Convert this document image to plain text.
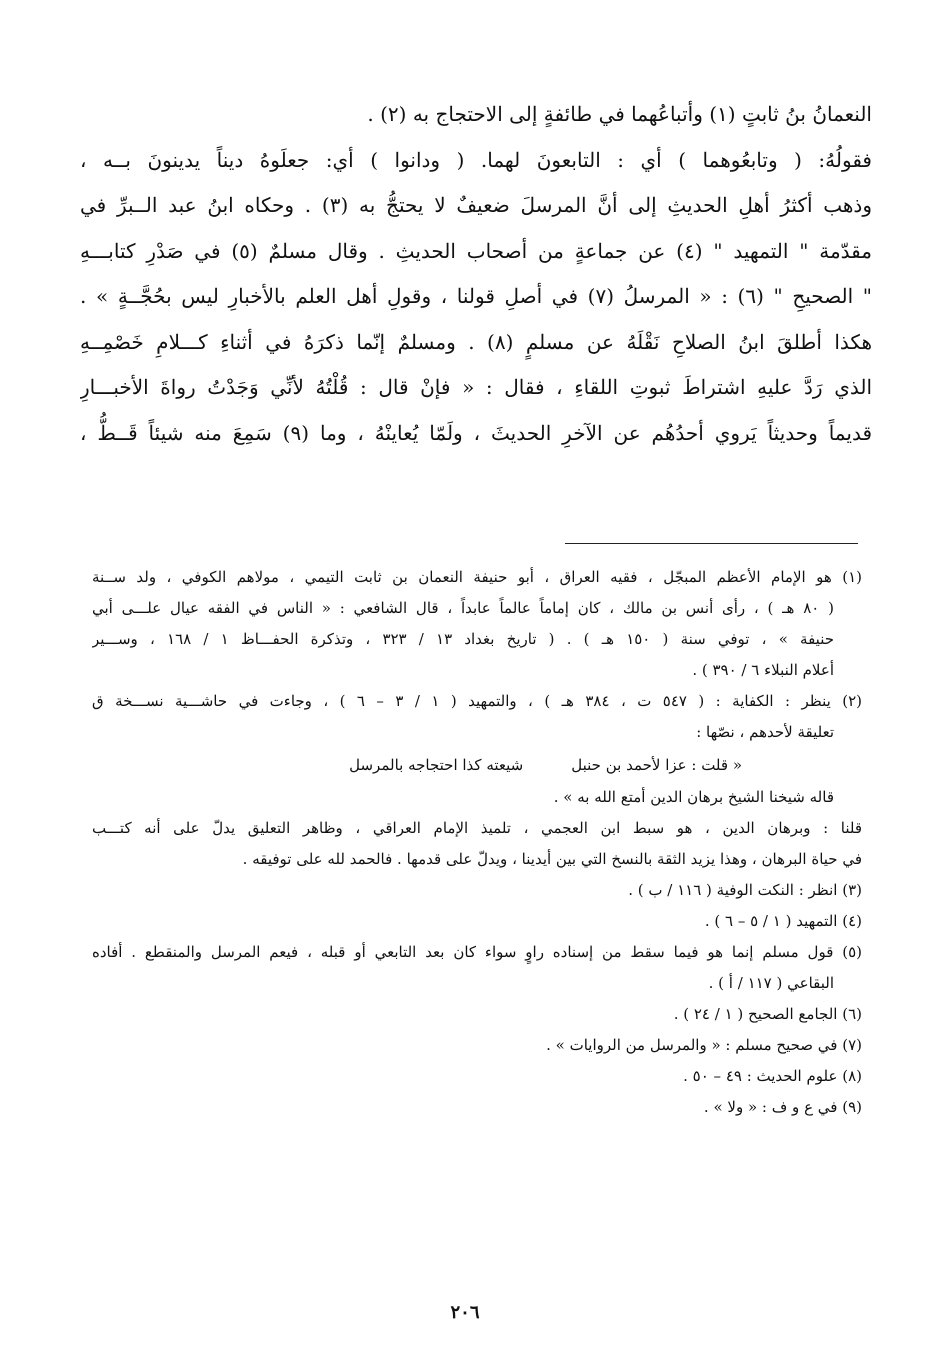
النعمانُ بنُ ثابتٍ (١) وأتباعُهما في طائفةٍ إلى الاحتجاج به (٢) .

فقولُهُ: ( وتابعُوهما ) أي : التابعونَ لهما. ( ودانوا ) أي: جعلَوهُ ديناً يدينونَ بــه ،

وذهب أكثرُ أهلِ الحديثِ إلى أنَّ المرسلَ ضعيفٌ لا يحتجُّ به (٣) . وحكاه ابنُ عبد الــبرِّ في

مقدّمة " التمهيد " (٤) عن جماعةٍ من أصحاب الحديثِ . وقال مسلمٌ (٥) في صَدْرِ كتابـــهِ

" الصحيحِ " (٦) : « المرسلُ (٧) في أصلِ قولنا ، وقولِ أهل العلم بالأخبارِ ليس بحُجَّــةٍ » .

هكذا أطلقَ ابنُ الصلاحِ نَقْلَهُ عن مسلمٍ (٨) . ومسلمٌ إنّما ذكرَهُ في أثناءِ كـــلامِ خَصْمِــهِ

الذي رَدَّ عليهِ اشتراطَ ثبوتِ اللقاءِ ، فقال : « فإنْ قال : قُلْتُهُ لأنِّي وَجَدْتُ رواةَ الأخبـــارِ

قديماً وحديثاً يَروي أحدُهُم عن الآخرِ الحديثَ ، ولَمّا يُعاينْهُ ، وما (٩) سَمِعَ منه شيئاً قَــطُّ ،

(١) هو الإمام الأعظم المبجّل ، فقيه العراق ، أبو حنيفة النعمان بن ثابت التيمي ، مولاهم الكوفي ، ولد ســنة
( ٨٠ هـ ) ، رأى أنس بن مالك ، كان إماماً عالماً عابداً ، قال الشافعي : « الناس في الفقه عيال علـــى أبي
حنيفة » ، توفي سنة ( ١٥٠ هـ ) . ( تاريخ بغداد ١٣ / ٣٢٣ ، وتذكرة الحفـــاظ ١ / ١٦٨ ، وســـير
أعلام النبلاء ٦ / ٣٩٠ ) .
(٢) ينظر : الكفاية : ( ٥٤٧ ت ، ٣٨٤ هـ ) ، والتمهيد ( ١ / ٣ – ٦ ) ، وجاءت في حاشـــية نســـخة ق
تعليقة لأحدهم ، نصّها :
« قلت : عزا لأحمد بن حنبل
شيعته كذا احتجاجه بالمرسل
قاله شيخنا الشيخ برهان الدين أمتع الله به » .
قلنا : وبرهان الدين ، هو سبط ابن العجمي ، تلميذ الإمام العراقي ، وظاهر التعليق يدلّ على أنه كتـــب
في حياة البرهان ، وهذا يزيد الثقة بالنسخ التي بين أيدينا ، ويدلّ على قدمها . فالحمد لله على توفيقه .
(٣) انظر : النكت الوفية ( ١١٦ / ب ) .
(٤) التمهيد ( ١ / ٥ – ٦ ) .
(٥) قول مسلم إنما هو فيما سقط من إسناده راوٍ سواء كان بعد التابعي أو قبله ، فيعم المرسل والمنقطع . أفاده
البقاعي ( ١١٧ / أ ) .
(٦) الجامع الصحيح ( ١ / ٢٤ ) .
(٧) في صحيح مسلم : « والمرسل من الروايات » .
(٨) علوم الحديث : ٤٩ – ٥٠ .
(٩) في ع و ف : « ولا » .
٢٠٦
